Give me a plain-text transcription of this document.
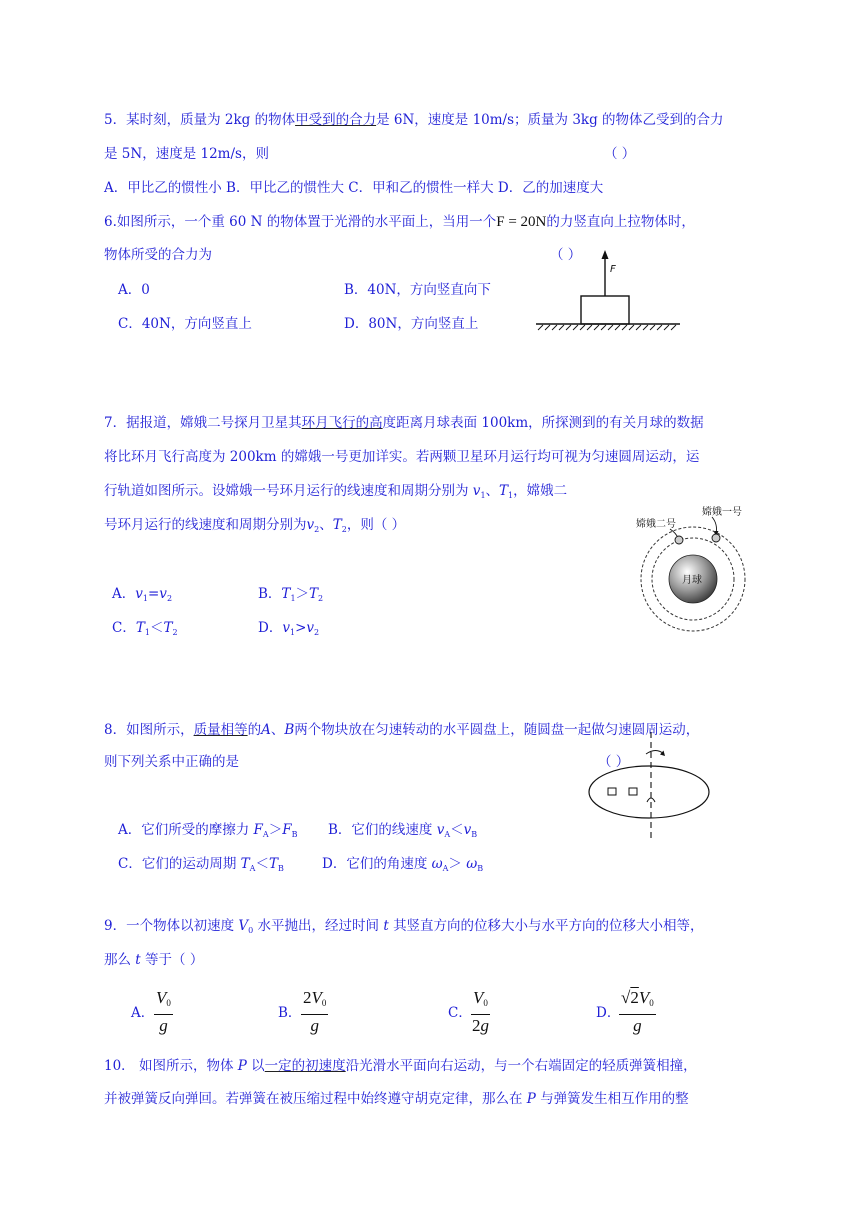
5．某时刻，质量为 2kg 的物体甲受到的合力是 6N，速度是 10m/s；质量为 3kg 的物体乙受到的合力
是 5N，速度是 12m/s，则	（ ）
A．甲比乙的惯性小 B．甲比乙的惯性大 C．甲和乙的惯性一样大 D．乙的加速度大
6.如图所示，一个重 60 N 的物体置于光滑的水平面上，当用一个F = 20N的力竖直向上拉物体时，
物体所受的合力为	（ ）
A．0	B．40N，方向竖直向下
C．40N，方向竖直上	D．80N，方向竖直上
F
7．据报道，嫦娥二号探月卫星其环月飞行的高度距离月球表面 100km，所探测到的有关月球的数据
将比环月飞行高度为 200km 的嫦娥一号更加详实。若两颗卫星环月运行均可视为匀速圆周运动，运
行轨道如图所示。设嫦娥一号环月运行的线速度和周期分别为 $v_1$、$T_1$，嫦娥二
号环月运行的线速度和周期分别为$v_2$、$T_2$，则（ ）
A．$v_1=v_2$	B．$T_1>T_2$
C．$T_1<T_2$	D．$v_1>v_2$
嫦娥一号
嫦娥二号
月球
8．如图所示，质量相等的A、B两个物块放在匀速转动的水平圆盘上，随圆盘一起做匀速圆周运动，
则下列关系中正确的是	（ ）
A．它们所受的摩擦力 $F_A>F_B$ B．它们的线速度 $v_A<v_B$
C．它们的运动周期 $T_A<T_B$	D．它们的角速度 $\omega_A> \omega_B$
9．一个物体以初速度 $V_0$ 水平抛出，经过时间 t 其竖直方向的位移大小与水平方向的位移大小相等，
那么 t 等于（ ）
A． $\frac{V_0}{g}$	B． $\frac{2V_0}{g}$	C． $\frac{V_0}{2g}$	D．
$\frac{√2V_0}{g}$
10． 如图所示，物体 P 以一定的初速度沿光滑水平面向右运动，与一个右端固定的轻质弹簧相撞，
并被弹簧反向弹回。若弹簧在被压缩过程中始终遵守胡克定律，那么在 P 与弹簧发生相互作用的整
